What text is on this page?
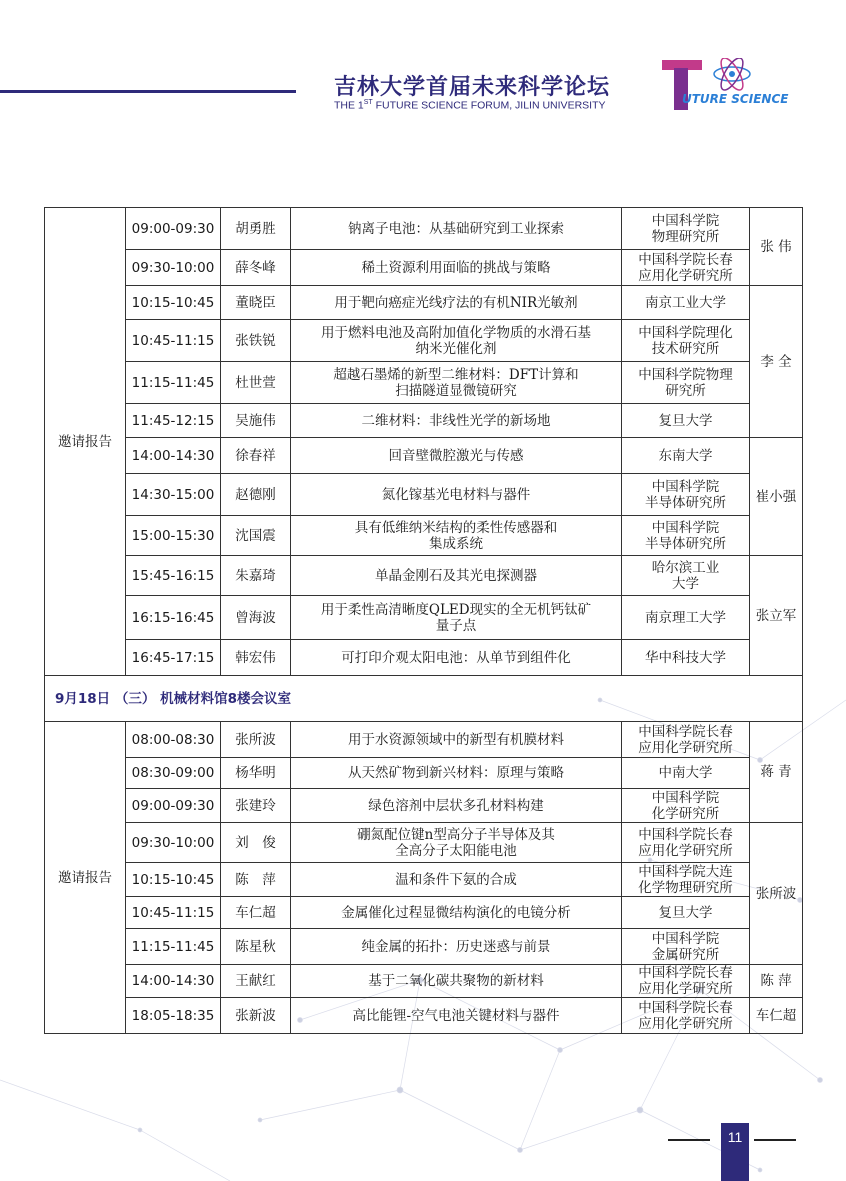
吉林大学首届未来科学论坛
THE 1ST FUTURE SCIENCE FORUM, JILIN UNIVERSITY	UTURE SCIENCE
邀请报告	09:00-09:30	胡勇胜	钠离子电池：从基础研究到工业探索	中国科学院
物理研究所	张 伟
	09:30-10:00	薛冬峰	稀土资源利用面临的挑战与策略	中国科学院长春
应用化学研究所	
	10:15-10:45	董晓臣	用于靶向癌症光线疗法的有机NIR光敏剂	南京工业大学	李 全
	10:45-11:15	张铁锐	用于燃料电池及高附加值化学物质的水滑石基
纳米光催化剂	中国科学院理化
技术研究所	
	11:15-11:45	杜世萱	超越石墨烯的新型二维材料：DFT计算和
扫描隧道显微镜研究	中国科学院物理
研究所	
	11:45-12:15	吴施伟	二维材料：非线性光学的新场地	复旦大学	
	14:00-14:30	徐春祥	回音壁微腔激光与传感	东南大学	崔小强
	14:30-15:00	赵德刚	氮化镓基光电材料与器件	中国科学院
半导体研究所	
	15:00-15:30	沈国震	具有低维纳米结构的柔性传感器和
集成系统	中国科学院
半导体研究所	
	15:45-16:15	朱嘉琦	单晶金刚石及其光电探测器	哈尔滨工业
大学	张立军
	16:15-16:45	曾海波	用于柔性高清晰度QLED现实的全无机钙钛矿
量子点	南京理工大学	
	16:45-17:15	韩宏伟	可打印介观太阳电池：从单节到组件化	华中科技大学	
9月18日 （三） 机械材料馆8楼会议室					
邀请报告	08:00-08:30	张所波	用于水资源领域中的新型有机膜材料	中国科学院长春
应用化学研究所	蒋 青
	08:30-09:00	杨华明	从天然矿物到新兴材料：原理与策略	中南大学	
	09:00-09:30	张建玲	绿色溶剂中层状多孔材料构建	中国科学院
化学研究所	
	09:30-10:00	刘　俊	硼氮配位键n型高分子半导体及其
全高分子太阳能电池	中国科学院长春
应用化学研究所	张所波
	10:15-10:45	陈　萍	温和条件下氨的合成	中国科学院大连
化学物理研究所	
	10:45-11:15	车仁超	金属催化过程显微结构演化的电镜分析	复旦大学	
	11:15-11:45	陈星秋	纯金属的拓扑：历史迷惑与前景	中国科学院
金属研究所	
	14:00-14:30	王献红	基于二氧化碳共聚物的新材料	中国科学院长春
应用化学研究所	陈 萍
	18:05-18:35	张新波	高比能锂-空气电池关键材料与器件	中国科学院长春
应用化学研究所	车仁超
11
